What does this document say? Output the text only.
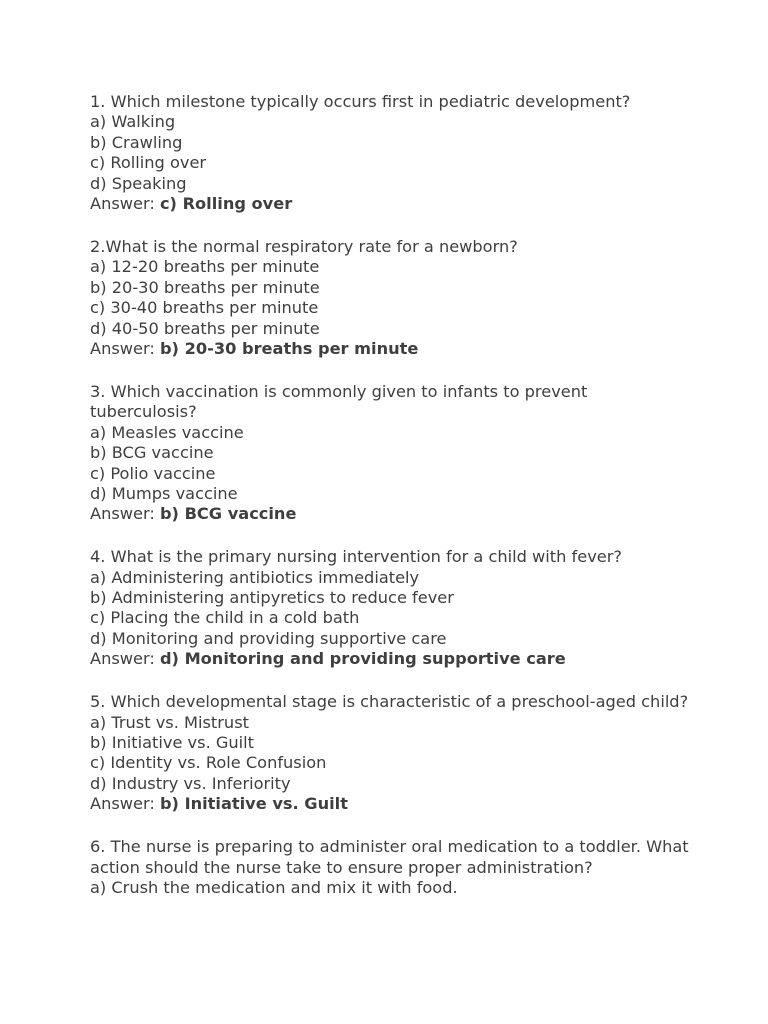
1. Which milestone typically occurs first in pediatric development?
a) Walking
b) Crawling
c) Rolling over
d) Speaking
Answer: c) Rolling over
2.What is the normal respiratory rate for a newborn?
a) 12-20 breaths per minute
b) 20-30 breaths per minute
c) 30-40 breaths per minute
d) 40-50 breaths per minute
Answer: b) 20-30 breaths per minute
3. Which vaccination is commonly given to infants to prevent tuberculosis?
a) Measles vaccine
b) BCG vaccine
c) Polio vaccine
d) Mumps vaccine
Answer: b) BCG vaccine
4. What is the primary nursing intervention for a child with fever?
a) Administering antibiotics immediately
b) Administering antipyretics to reduce fever
c) Placing the child in a cold bath
d) Monitoring and providing supportive care
Answer: d) Monitoring and providing supportive care
5. Which developmental stage is characteristic of a preschool-aged child?
a) Trust vs. Mistrust
b) Initiative vs. Guilt
c) Identity vs. Role Confusion
d) Industry vs. Inferiority
Answer: b) Initiative vs. Guilt
6. The nurse is preparing to administer oral medication to a toddler. What action should the nurse take to ensure proper administration?
a) Crush the medication and mix it with food.
